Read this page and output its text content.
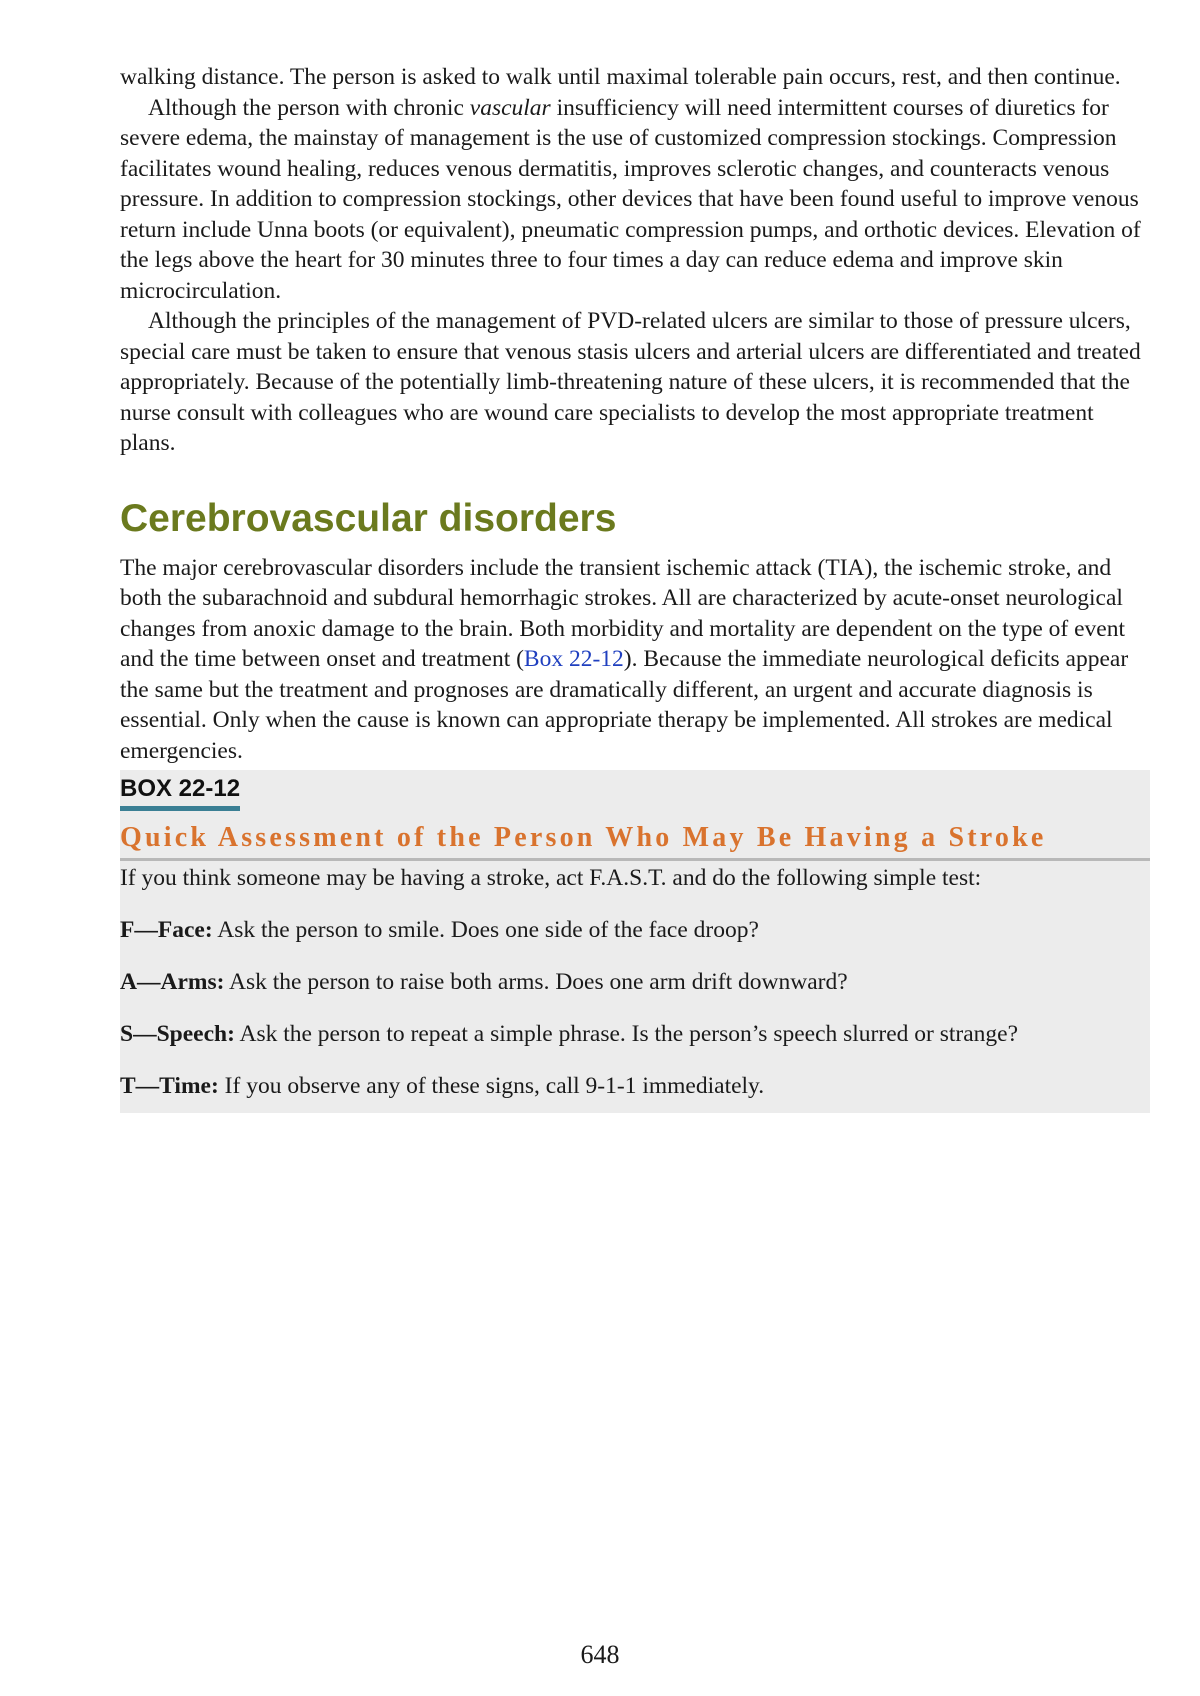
walking distance. The person is asked to walk until maximal tolerable pain occurs, rest, and then continue.

Although the person with chronic vascular insufficiency will need intermittent courses of diuretics for severe edema, the mainstay of management is the use of customized compression stockings. Compression facilitates wound healing, reduces venous dermatitis, improves sclerotic changes, and counteracts venous pressure. In addition to compression stockings, other devices that have been found useful to improve venous return include Unna boots (or equivalent), pneumatic compression pumps, and orthotic devices. Elevation of the legs above the heart for 30 minutes three to four times a day can reduce edema and improve skin microcirculation.

Although the principles of the management of PVD-related ulcers are similar to those of pressure ulcers, special care must be taken to ensure that venous stasis ulcers and arterial ulcers are differentiated and treated appropriately. Because of the potentially limb-threatening nature of these ulcers, it is recommended that the nurse consult with colleagues who are wound care specialists to develop the most appropriate treatment plans.

Cerebrovascular disorders

The major cerebrovascular disorders include the transient ischemic attack (TIA), the ischemic stroke, and both the subarachnoid and subdural hemorrhagic strokes. All are characterized by acute-onset neurological changes from anoxic damage to the brain. Both morbidity and mortality are dependent on the type of event and the time between onset and treatment (Box 22-12). Because the immediate neurological deficits appear the same but the treatment and prognoses are dramatically different, an urgent and accurate diagnosis is essential. Only when the cause is known can appropriate therapy be implemented. All strokes are medical emergencies.

BOX 22-12
Quick Assessment of the Person Who May Be Having a Stroke

If you think someone may be having a stroke, act F.A.S.T. and do the following simple test:

F—Face: Ask the person to smile. Does one side of the face droop?

A—Arms: Ask the person to raise both arms. Does one arm drift downward?

S—Speech: Ask the person to repeat a simple phrase. Is the person’s speech slurred or strange?

T—Time: If you observe any of these signs, call 9-1-1 immediately.

648
